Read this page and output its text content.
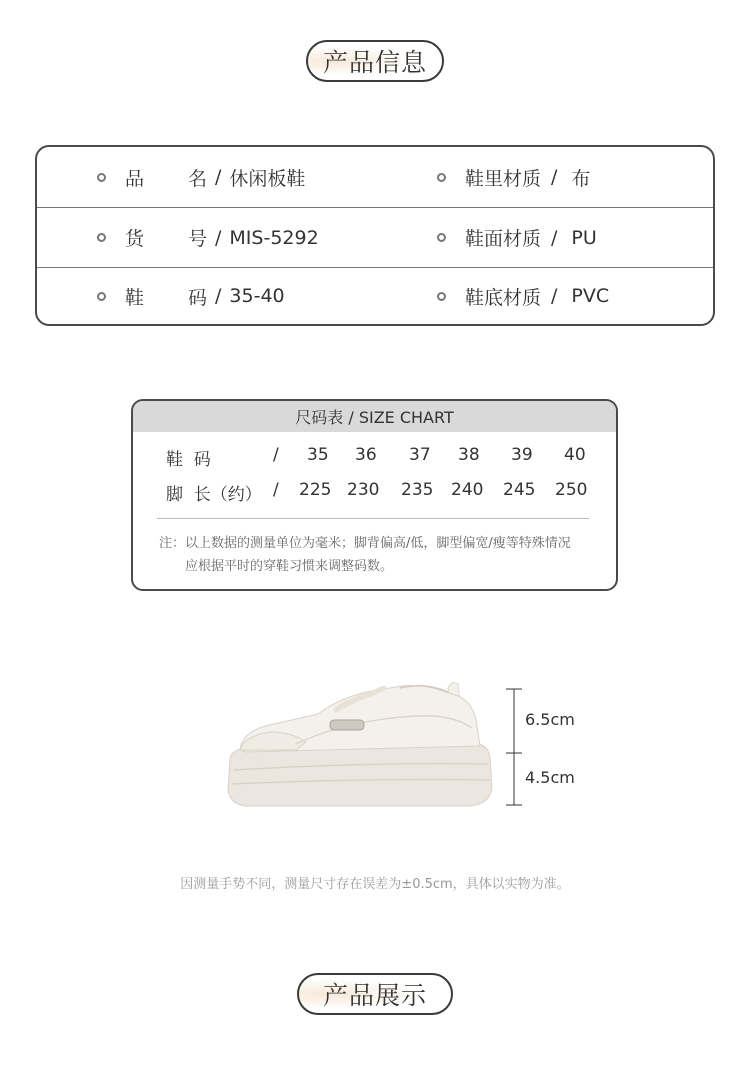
产品信息
品 名 / 休闲板鞋	鞋里材质 / 布
货 号 / MIS-5292	鞋面材质 / PU
鞋 码 / 35-40	鞋底材质 / PVC
尺码表 / SIZE CHART
鞋  码	/ 35 36 37 38 39 40
脚  长（约） / 225 230 235 240 245 250
注：以上数据的测量单位为毫米；脚背偏高/低，脚型偏宽/瘦等特殊情况
应根据平时的穿鞋习惯来调整码数。
6.5cm
4.5cm
因测量手势不同，测量尺寸存在误差为±0.5cm，具体以实物为准。
产品展示
